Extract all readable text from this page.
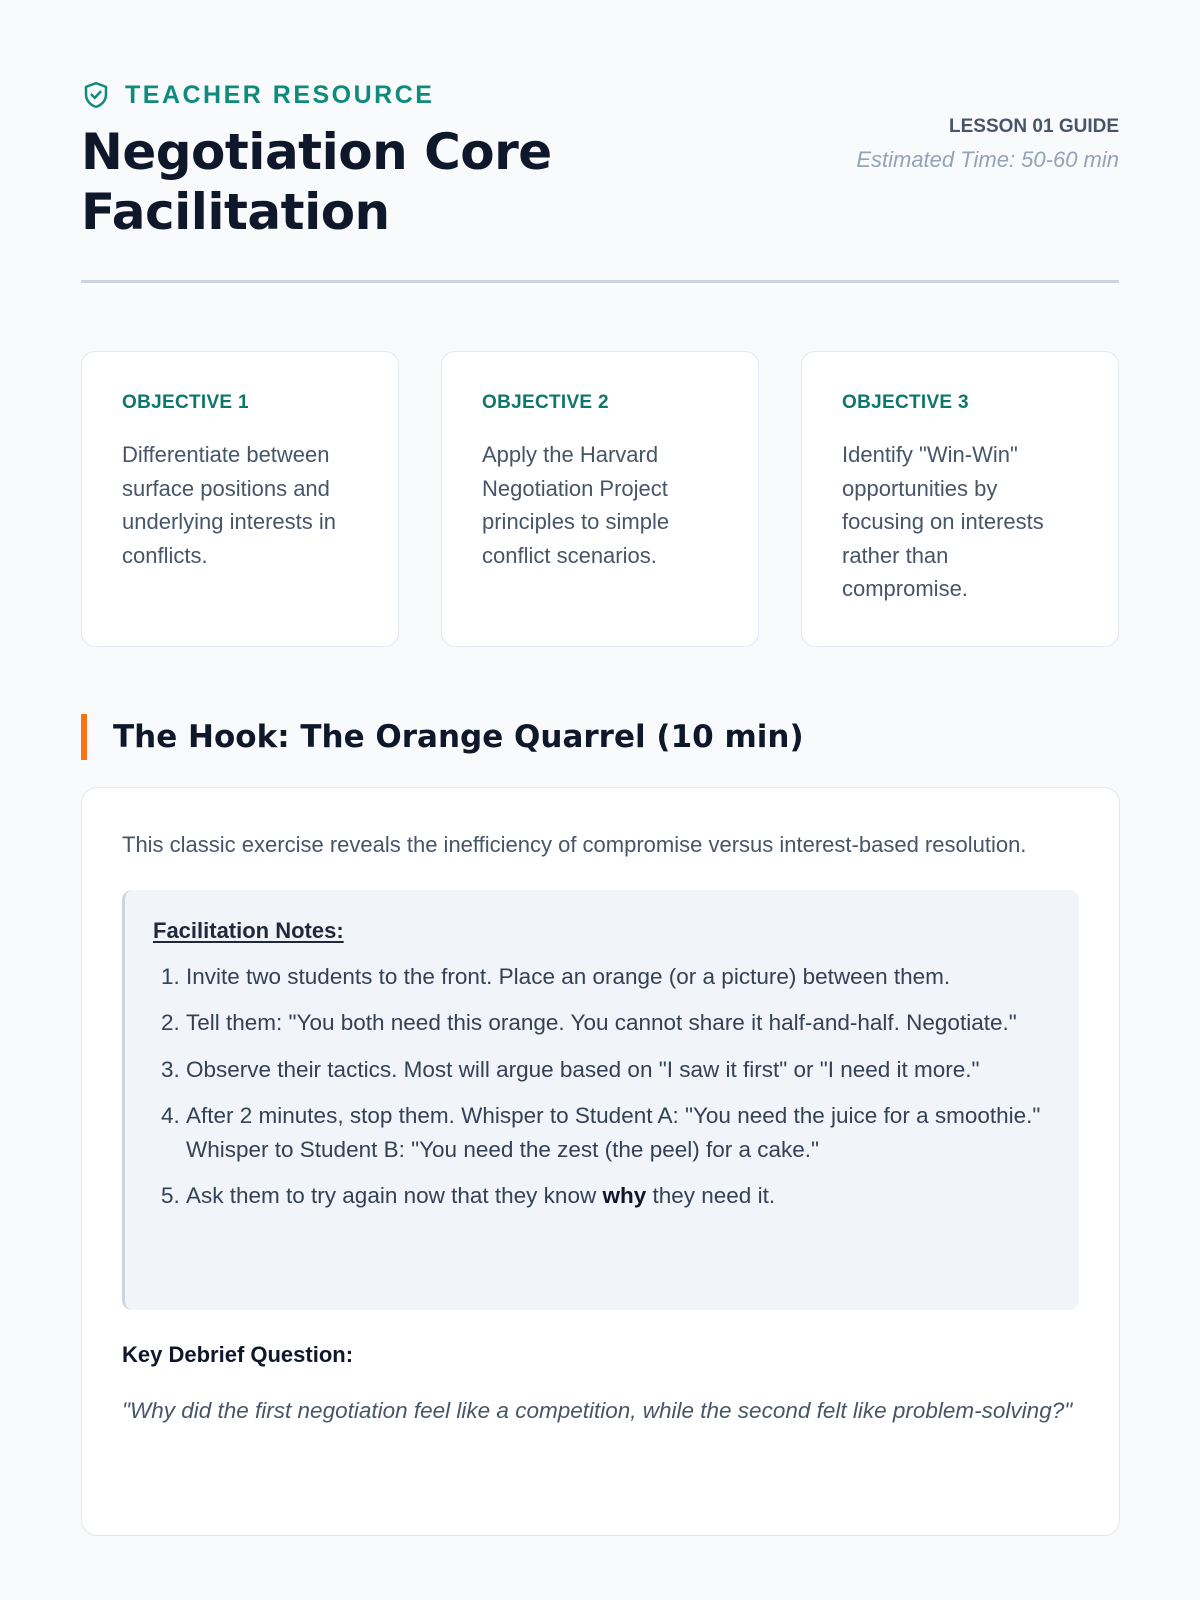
TEACHER RESOURCE
Negotiation Core Facilitation
LESSON 01 GUIDE
Estimated Time: 50-60 min
OBJECTIVE 1

Differentiate between surface positions and underlying interests in conflicts.

OBJECTIVE 2

Apply the Harvard Negotiation Project principles to simple conflict scenarios.

OBJECTIVE 3

Identify "Win-Win" opportunities by focusing on interests rather than compromise.

The Hook: The Orange Quarrel (10 min)

This classic exercise reveals the inefficiency of compromise versus interest-based resolution.

Facilitation Notes:
1. Invite two students to the front. Place an orange (or a picture) between them.
2. Tell them: "You both need this orange. You cannot share it half-and-half. Negotiate."
3. Observe their tactics. Most will argue based on "I saw it first" or "I need it more."
4. After 2 minutes, stop them. Whisper to Student A: "You need the juice for a smoothie." Whisper to Student B: "You need the zest (the peel) for a cake."
5. Ask them to try again now that they know why they need it.
Key Debrief Question:

"Why did the first negotiation feel like a competition, while the second felt like problem-solving?"
